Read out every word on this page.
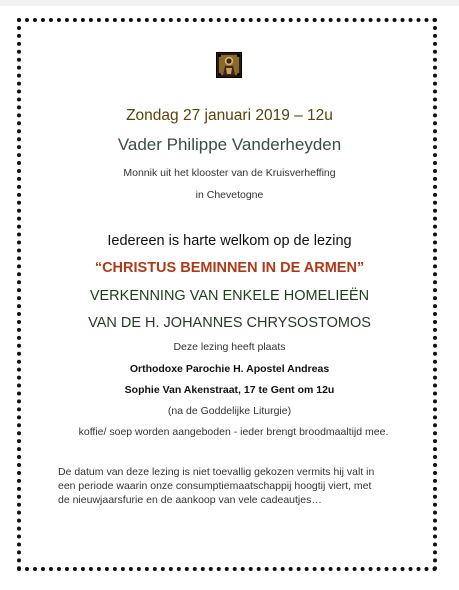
Zondag 27 januari 2019 – 12u
Vader Philippe Vanderheyden
Monnik uit het klooster van de Kruisverheffing
in Chevetogne
Iedereen is harte welkom op de lezing
“CHRISTUS BEMINNEN IN DE ARMEN”
VERKENNING VAN ENKELE HOMELIEËN
VAN DE H. JOHANNES CHRYSOSTOMOS
Deze lezing heeft plaats
Orthodoxe Parochie H. Apostel Andreas
Sophie Van Akenstraat, 17 te Gent om 12u
(na de Goddelijke Liturgie)
koffie/ soep worden aangeboden - ieder brengt broodmaaltijd mee.
De datum van deze lezing is niet toevallig gekozen vermits hij valt in
een periode waarin onze consumptiemaatschappij hoogtij viert, met
de nieuwjaarsfurie en de aankoop van vele cadeautjes…
